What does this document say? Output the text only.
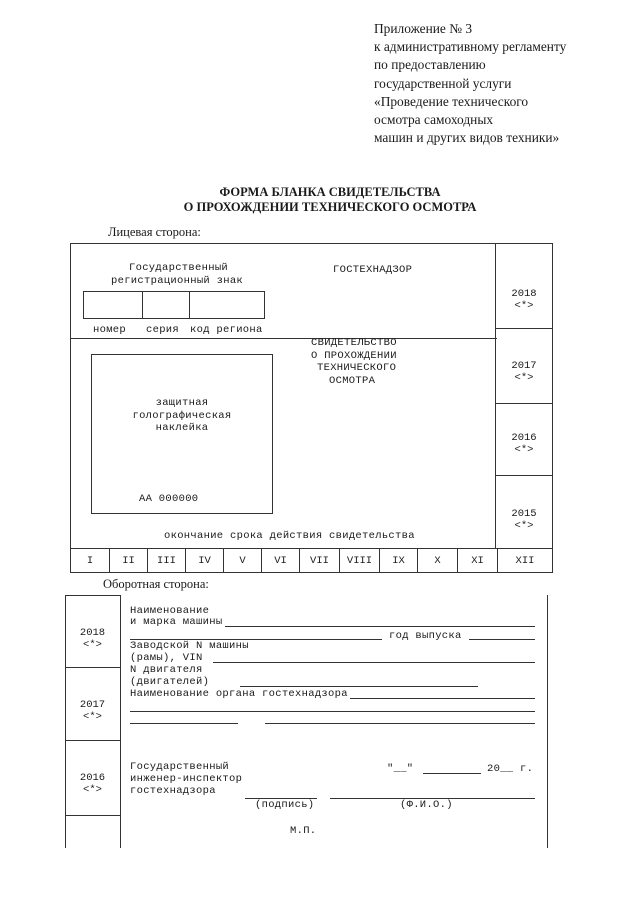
Приложение № 3
к административному регламенту
по предоставлению
государственной услуги
«Проведение технического
осмотра самоходных
машин и других видов техники»
ФОРМА БЛАНКА СВИДЕТЕЛЬСТВА
О ПРОХОЖДЕНИИ ТЕХНИЧЕСКОГО ОСМОТРА
Лицевая сторона:
Государственный
регистрационный знак
ГОСТЕХНАДЗОР
номер серия код региона
СВИДЕТЕЛЬСТВО
О ПРОХОЖДЕНИИ
ТЕХНИЧЕСКОГО
ОСМОТРА
защитная
голографическая
наклейка
АА 000000
окончание срока действия свидетельства
2018
<*>
2017
<*>
2016
<*>
2015
<*>
I	II	III	IV	V	VI	VII	VIII	IX	X	XI	XII
Оборотная сторона:
2018
<*>
2017
<*>
2016
<*>
Наименование
и марка машины
год выпуска
Заводской N машины
(рамы), VIN
N двигателя
(двигателей)
Наименование органа гостехнадзора
Государственный
инженер-инспектор
гостехнадзора
"__"	20__ г.
(подпись)	(Ф.И.О.)
М.П.
